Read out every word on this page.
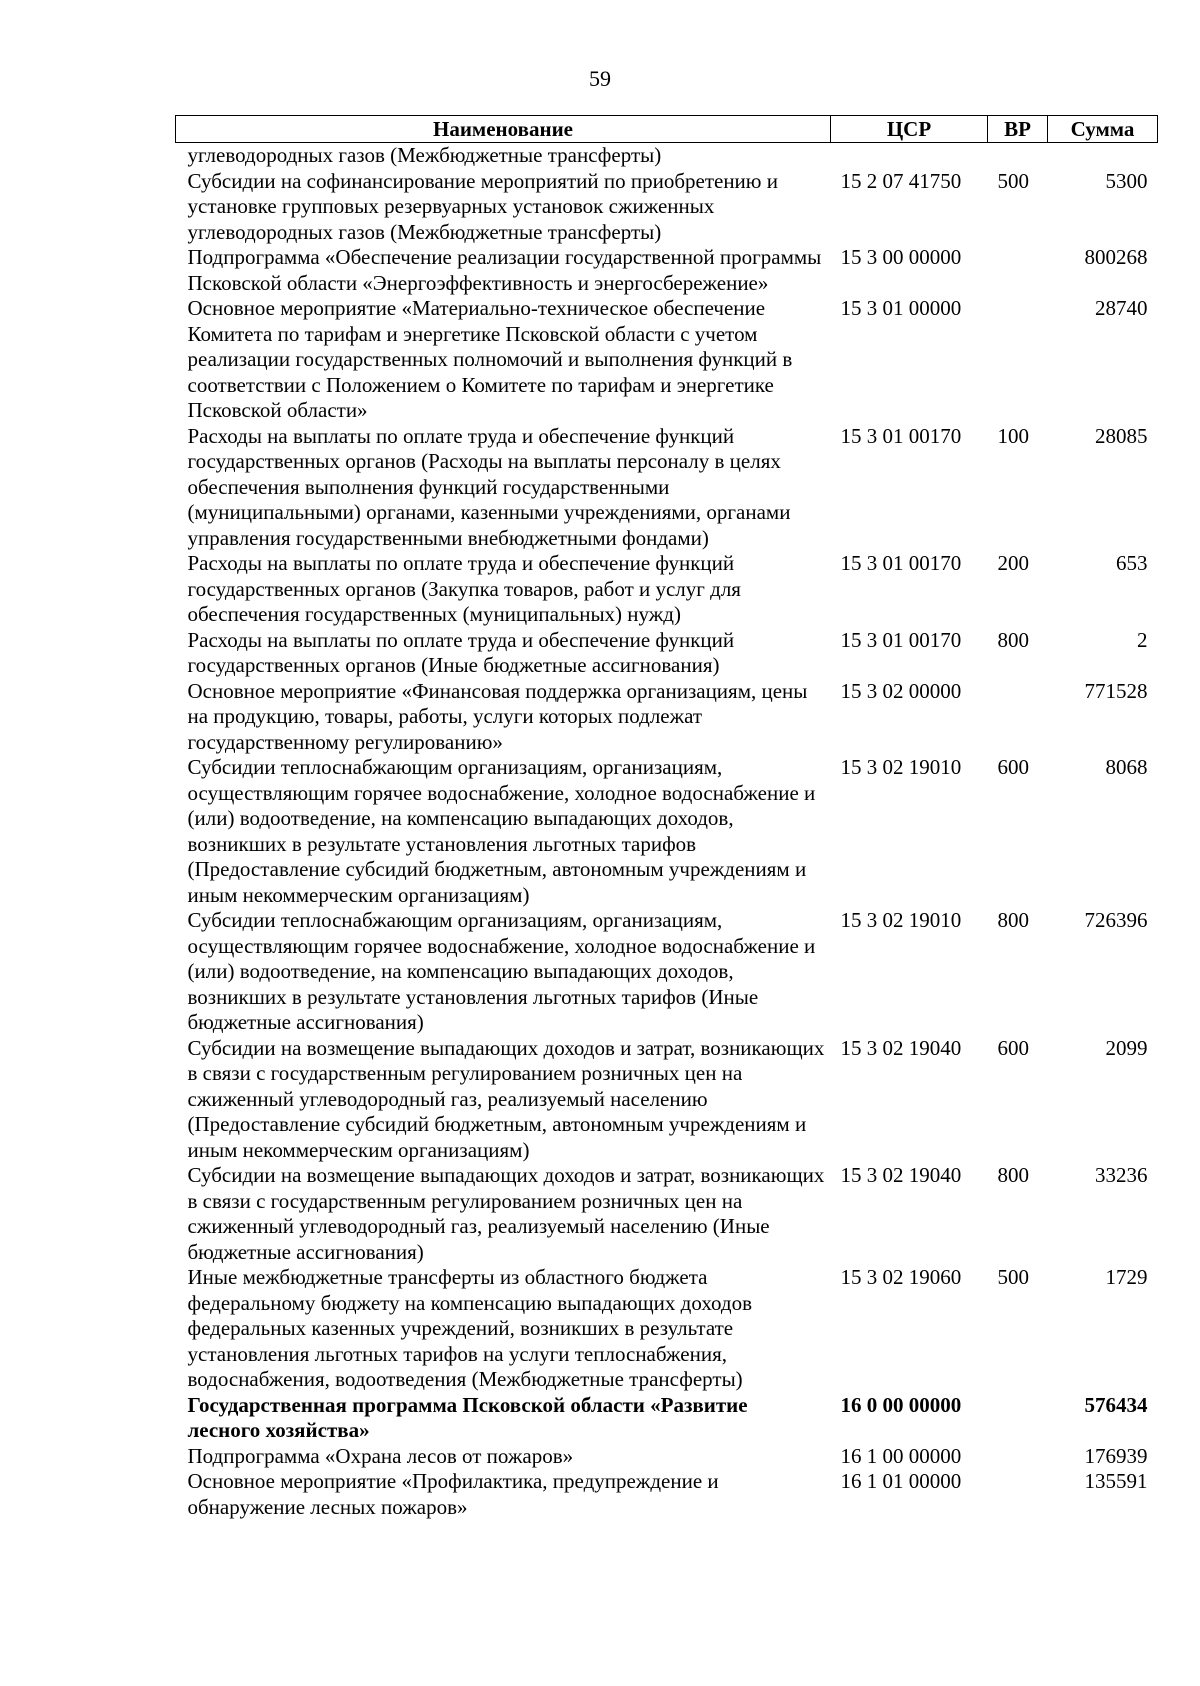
59
Наименование	ЦСР	ВР	Сумма
углеводородных газов (Межбюджетные трансферты)			
Субсидии на софинансирование мероприятий по приобретению и установке групповых резервуарных установок сжиженных углеводородных газов (Межбюджетные трансферты)	15 2 07 41750	500	5300
Подпрограмма «Обеспечение реализации государственной программы Псковской области «Энергоэффективность и энергосбережение»	15 3 00 00000		800268
Основное мероприятие «Материально-техническое обеспечение Комитета по тарифам и энергетике Псковской области с учетом реализации государственных полномочий и выполнения функций в соответствии с Положением о Комитете по тарифам и энергетике Псковской области»	15 3 01 00000		28740
Расходы на выплаты по оплате труда и обеспечение функций государственных органов (Расходы на выплаты персоналу в целях обеспечения выполнения функций государственными (муниципальными) органами, казенными учреждениями, органами управления государственными внебюджетными фондами)	15 3 01 00170	100	28085
Расходы на выплаты по оплате труда и обеспечение функций государственных органов (Закупка товаров, работ и услуг для обеспечения государственных (муниципальных) нужд)	15 3 01 00170	200	653
Расходы на выплаты по оплате труда и обеспечение функций государственных органов (Иные бюджетные ассигнования)	15 3 01 00170	800	2
Основное мероприятие «Финансовая поддержка организациям, цены на продукцию, товары, работы, услуги которых подлежат государственному регулированию»	15 3 02 00000		771528
Субсидии теплоснабжающим организациям, организациям, осуществляющим горячее водоснабжение, холодное водоснабжение и (или) водоотведение, на компенсацию выпадающих доходов, возникших в результате установления льготных тарифов (Предоставление субсидий бюджетным, автономным учреждениям и иным некоммерческим организациям)	15 3 02 19010	600	8068
Субсидии теплоснабжающим организациям, организациям, осуществляющим горячее водоснабжение, холодное водоснабжение и (или) водоотведение, на компенсацию выпадающих доходов, возникших в результате установления льготных тарифов (Иные бюджетные ассигнования)	15 3 02 19010	800	726396
Субсидии на возмещение выпадающих доходов и затрат, возникающих в связи с государственным регулированием розничных цен на сжиженный углеводородный газ, реализуемый населению (Предоставление субсидий бюджетным, автономным учреждениям и иным некоммерческим организациям)	15 3 02 19040	600	2099
Субсидии на возмещение выпадающих доходов и затрат, возникающих в связи с государственным регулированием розничных цен на сжиженный углеводородный газ, реализуемый населению (Иные бюджетные ассигнования)	15 3 02 19040	800	33236
Иные межбюджетные трансферты из областного бюджета федеральному бюджету на компенсацию выпадающих доходов федеральных казенных учреждений, возникших в результате установления льготных тарифов на услуги теплоснабжения, водоснабжения, водоотведения (Межбюджетные трансферты)	15 3 02 19060	500	1729
Государственная программа Псковской области «Развитие лесного хозяйства»	16 0 00 00000		576434
Подпрограмма «Охрана лесов от пожаров»	16 1 00 00000		176939
Основное мероприятие «Профилактика, предупреждение и обнаружение лесных пожаров»	16 1 01 00000		135591
